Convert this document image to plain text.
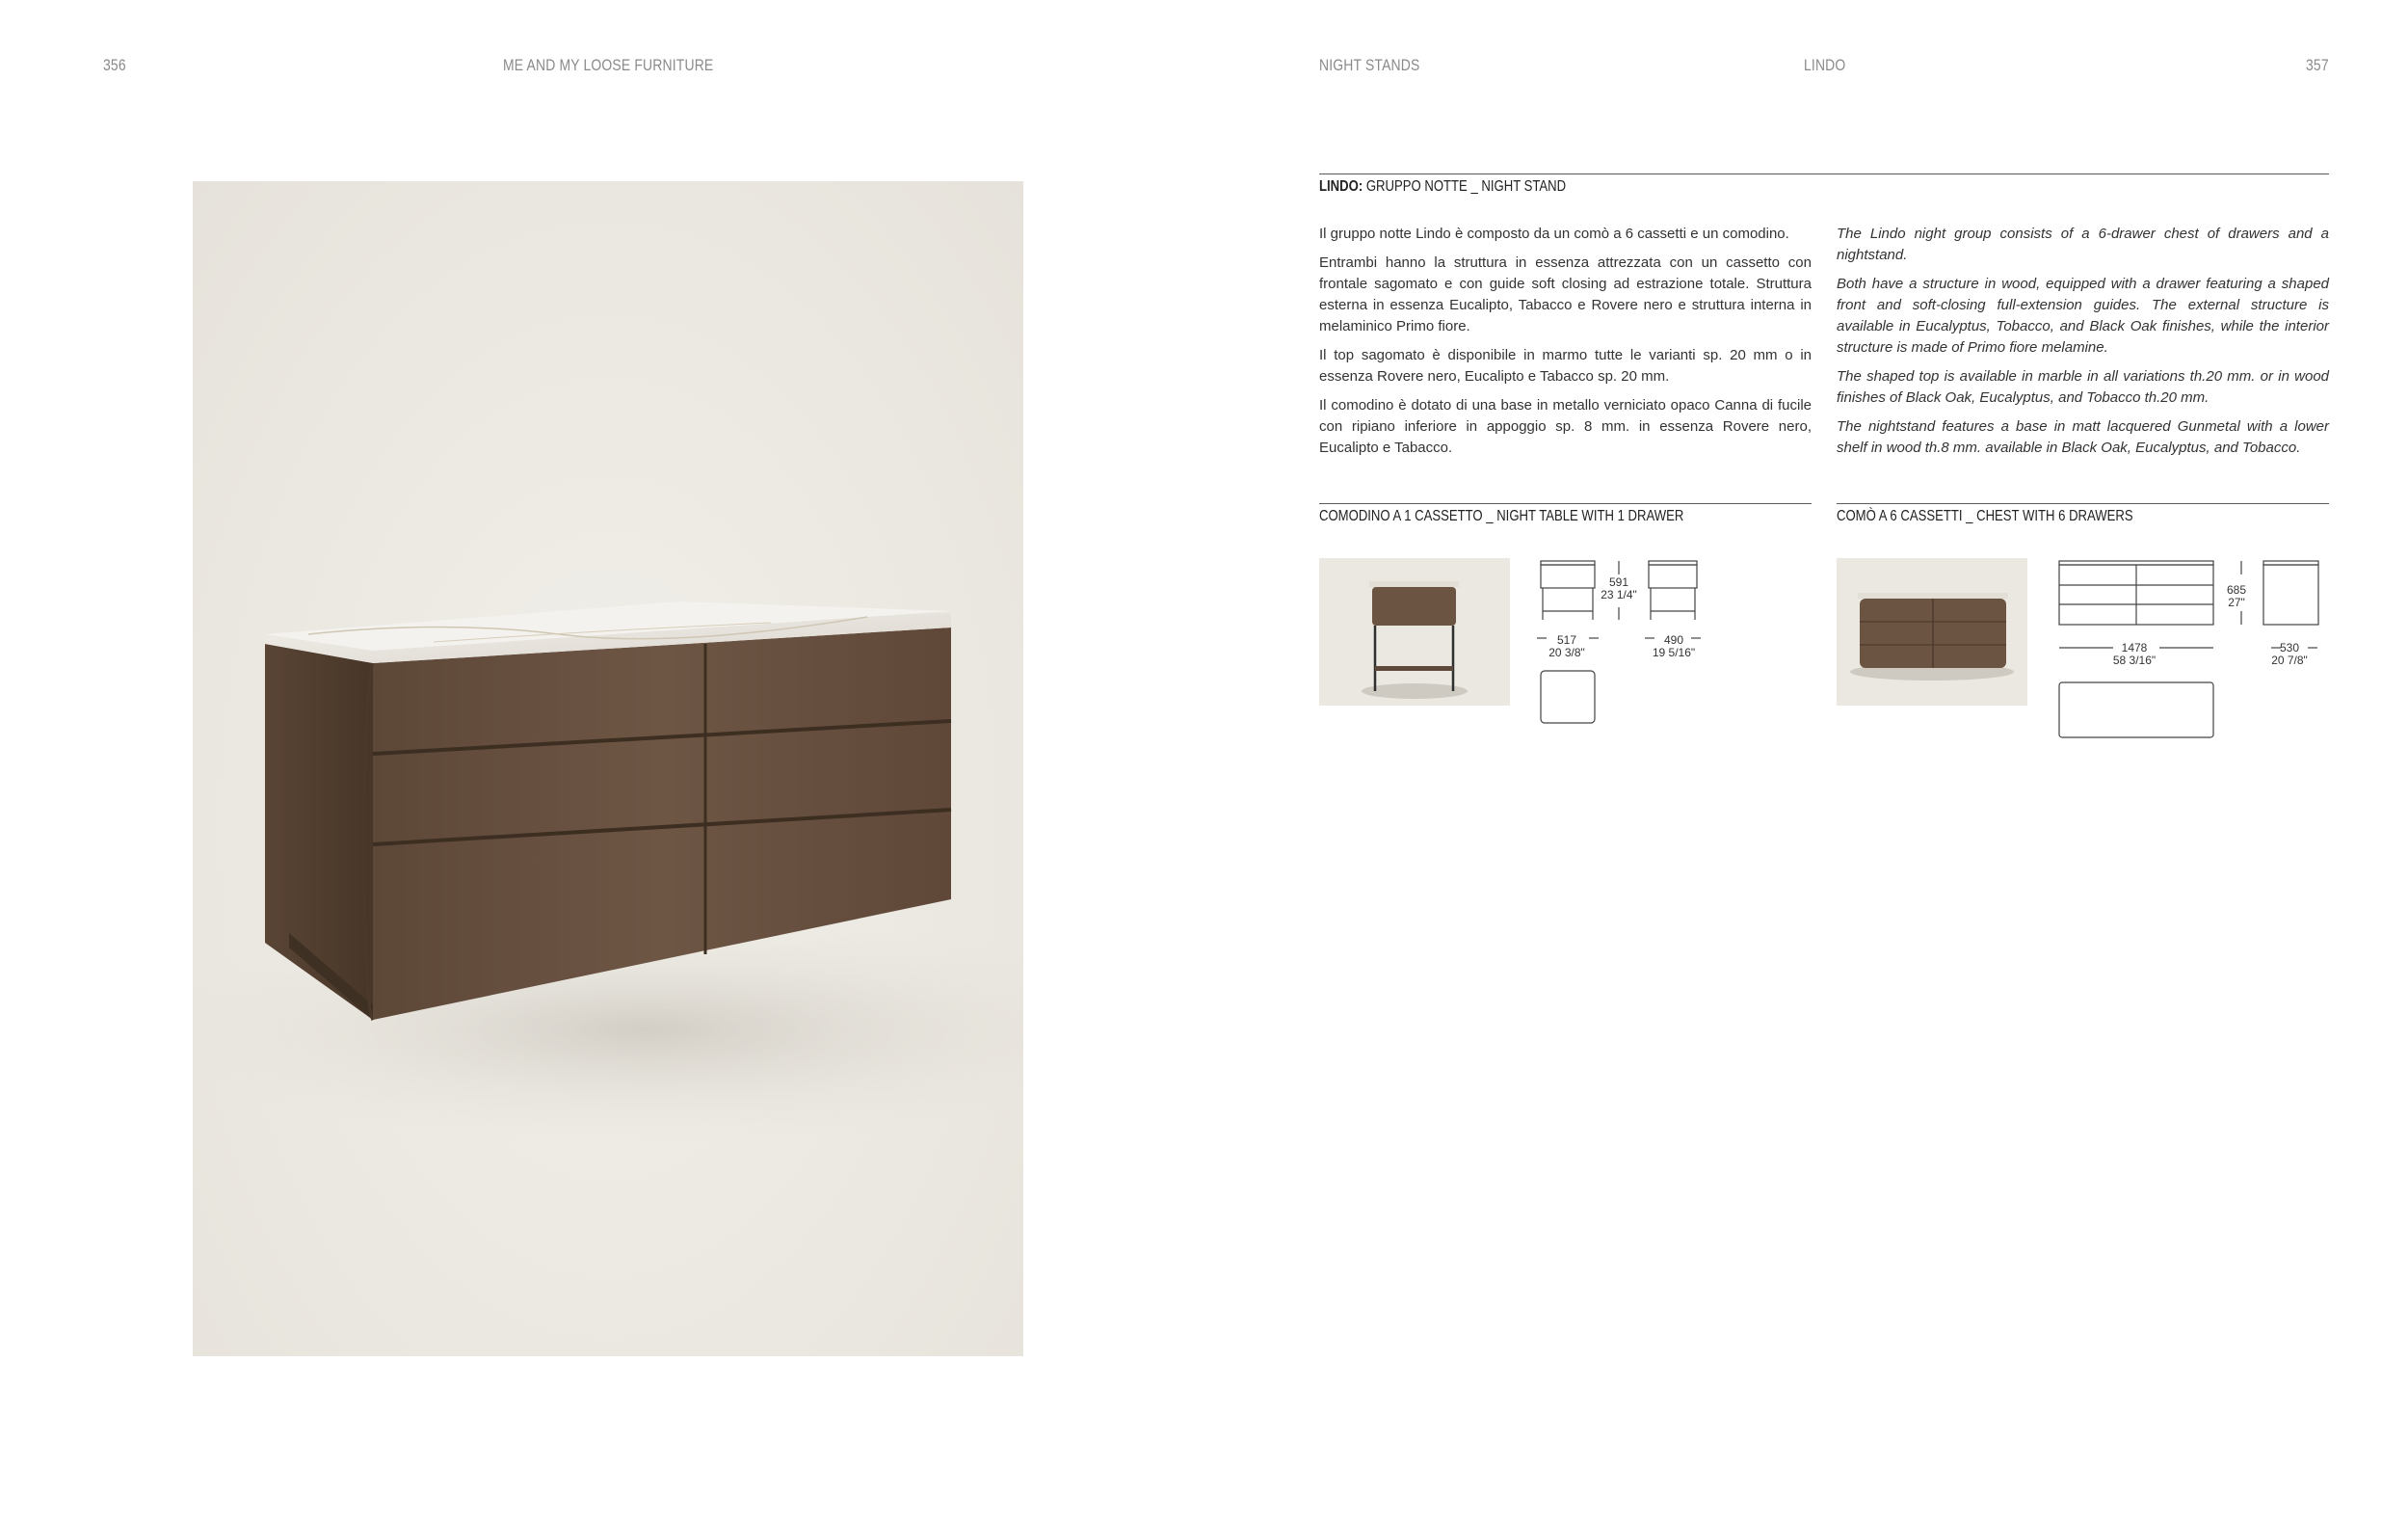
356	ME AND MY LOOSE FURNITURE	NIGHT STANDS	LINDO	357
LINDO: GRUPPO NOTTE _ NIGHT STAND

Il gruppo notte Lindo è composto da un comò a 6 cassetti e un comodino.

Entrambi hanno la struttura in essenza attrezzata con un cassetto con frontale sagomato e con guide soft closing ad estrazione totale. Struttura esterna in essenza Eucalipto, Tabacco e Rovere nero e struttura interna in melaminico Primo fiore.

Il top sagomato è disponibile in marmo tutte le varianti sp. 20 mm o in essenza Rovere nero, Eucalipto e Tabacco sp. 20 mm.

Il comodino è dotato di una base in metallo verniciato opaco Canna di fucile con ripiano inferiore in appoggio sp. 8 mm. in essenza Rovere nero, Eucalipto e Tabacco.

The Lindo night group consists of a 6-drawer chest of drawers and a nightstand.

Both have a structure in wood, equipped with a drawer featuring a shaped front and soft-closing full-extension guides. The external structure is available in Eucalyptus, Tobacco, and Black Oak finishes, while the interior structure is made of Primo fiore melamine.

The shaped top is available in marble in all variations th.20 mm. or in wood finishes of Black Oak, Eucalyptus, and Tobacco th.20 mm.

The nightstand features a base in matt lacquered Gunmetal with a lower shelf in wood th.8 mm. available in Black Oak, Eucalyptus, and Tobacco.

COMODINO A 1 CASSETTO _ NIGHT TABLE WITH 1 DRAWER
591
23 1/4"
517
20 3/8"
490
19 5/16"
COMÒ A 6 CASSETTI _ CHEST WITH 6 DRAWERS
685
27"
1478
58 3/16"
530
20 7/8"
